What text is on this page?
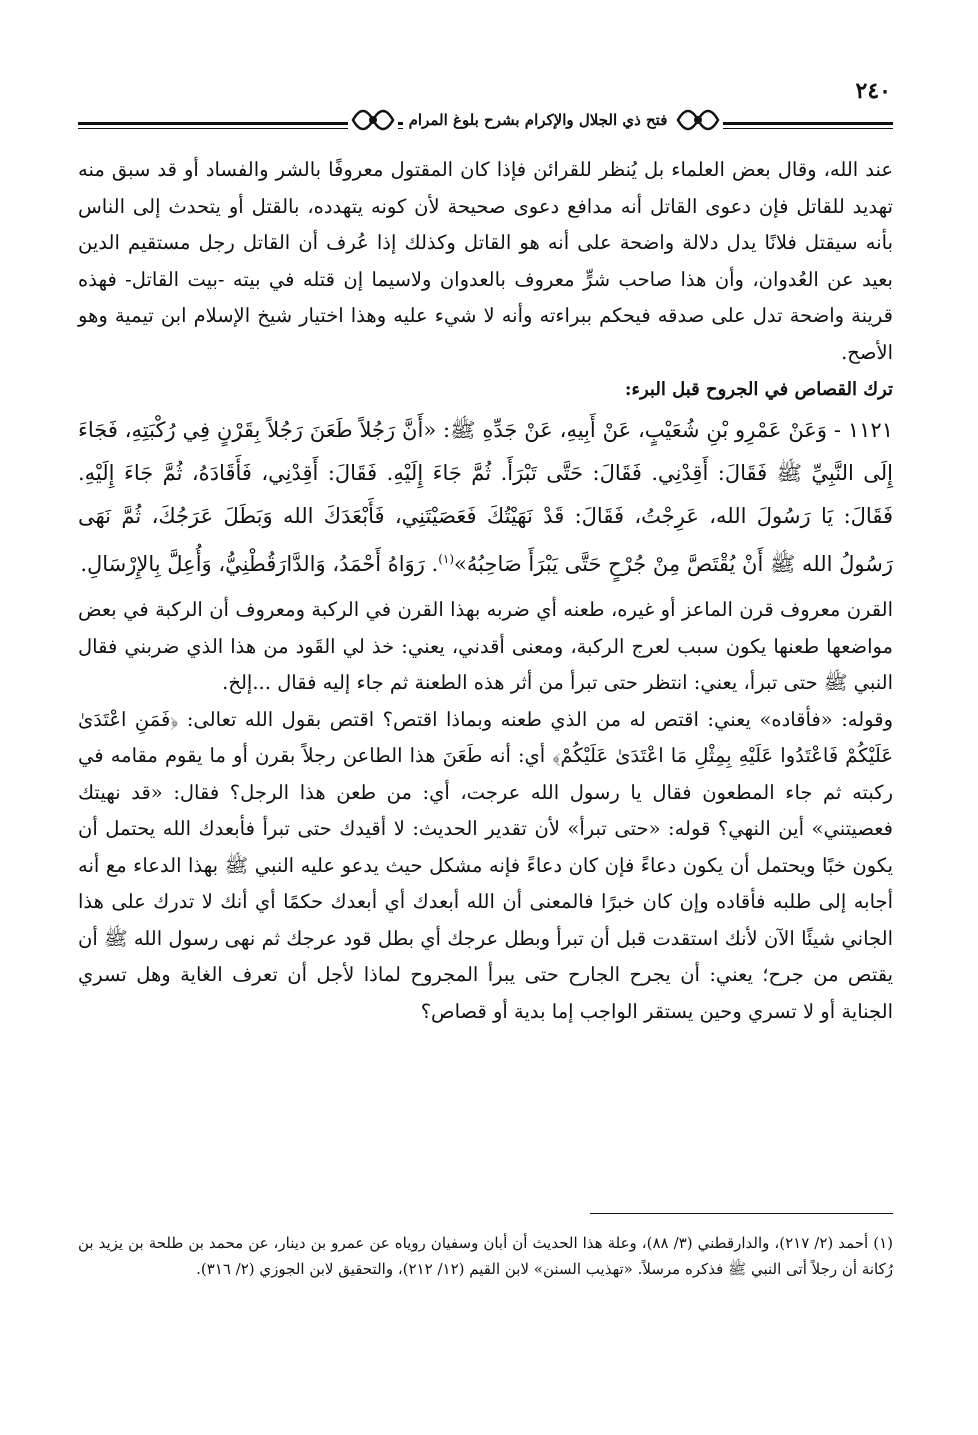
فتح ذي الجلال والإكرام بشرح بلوغ المرام
٢٤٠

عند الله، وقال بعض العلماء بل يُنظر للقرائن فإذا كان المقتول معروفًا بالشر والفساد أو قد سبق منه تهديد للقاتل فإن دعوى القاتل أنه مدافع دعوى صحيحة لأن كونه يتهدده، بالقتل أو يتحدث إلى الناس بأنه سيقتل فلانًا يدل دلالة واضحة على أنه هو القاتل وكذلك إذا عُرف أن القاتل رجل مستقيم الدين بعيد عن العُدوان، وأن هذا صاحب شرٍّ معروف بالعدوان ولاسيما إن قتله في بيته -بيت القاتل- فهذه قرينة واضحة تدل على صدقه فيحكم ببراءته وأنه لا شيء عليه وهذا اختيار شيخ الإسلام ابن تيمية وهو الأصح.

ترك القصاص في الجروح قبل البرء:

١١٢١ - وَعَنْ عَمْرِو بْنِ شُعَيْبٍ، عَنْ أَبِيهِ، عَنْ جَدِّهِ ﷺ: «أَنَّ رَجُلاً طَعَنَ رَجُلاً بِقَرْنٍ فِي رُكْبَتِهِ، فَجَاءَ إِلَى النَّبِيِّ ﷺ فَقَالَ: أَقِدْنِي. فَقَالَ: حَتَّى تَبْرَأَ. ثُمَّ جَاءَ إِلَيْهِ. فَقَالَ: أَقِدْنِي، فَأَقَادَهُ، ثُمَّ جَاءَ إِلَيْهِ. فَقَالَ: يَا رَسُولَ الله، عَرِجْتُ، فَقَالَ: قَدْ نَهَيْتُكَ فَعَصَيْتَنِي، فَأَبْعَدَكَ الله وَبَطَلَ عَرَجُكَ، ثُمَّ نَهَى رَسُولُ الله ﷺ أَنْ يُقْتَصَّ مِنْ جُرْحٍ حَتَّى يَبْرَأَ صَاحِبُهُ»$^{(١)}$. رَوَاهُ أَحْمَدُ، وَالدَّارَقُطْنِيُّ، وَأُعِلَّ بِالإِرْسَالِ.

القرن معروف قرن الماعز أو غيره، طعنه أي ضربه بهذا القرن في الركبة ومعروف أن الركبة في بعض مواضعها طعنها يكون سبب لعرج الركبة، ومعنى أقدني، يعني: خذ لي القَود من هذا الذي ضربني فقال النبي ﷺ حتى تبرأ، يعني: انتظر حتى تبرأ من أثر هذه الطعنة ثم جاء إليه فقال ...إلخ.

وقوله: «فأقاده» يعني: اقتص له من الذي طعنه وبماذا اقتص؟ اقتص بقول الله تعالى: ﴿فَمَنِ اعْتَدَىٰ عَلَيْكُمْ فَاعْتَدُوا عَلَيْهِ بِمِثْلِ مَا اعْتَدَىٰ عَلَيْكُمْ﴾ أي: أنه طَعَنَ هذا الطاعن رجلاً بقرن أو ما يقوم مقامه في ركبته ثم جاء المطعون فقال يا رسول الله عرجت، أي: من طعن هذا الرجل؟ فقال: «قد نهيتك فعصيتني» أين النهي؟ قوله: «حتى تبرأ» لأن تقدير الحديث: لا أقيدك حتى تبرأ فأبعدك الله يحتمل أن يكون خبًا ويحتمل أن يكون دعاءً فإن كان دعاءً فإنه مشكل حيث يدعو عليه النبي ﷺ بهذا الدعاء مع أنه أجابه إلى طلبه فأقاده وإن كان خبرًا فالمعنى أن الله أبعدك أي أبعدك حكمًا أي أنك لا تدرك على هذا الجاني شيئًا الآن لأنك استقدت قبل أن تبرأ وبطل عرجك أي بطل قود عرجك ثم نهى رسول الله ﷺ أن يقتص من جرح؛ يعني: أن يجرح الجارح حتى يبرأ المجروح لماذا لأجل أن تعرف الغاية وهل تسري الجناية أو لا تسري وحين يستقر الواجب إما بدية أو قصاص؟

(١) أحمد (٢/ ٢١٧)، والدارقطني (٣/ ٨٨)، وعلة هذا الحديث أن أبان وسفيان روياه عن عمرو بن دينار، عن محمد بن طلحة بن يزيد بن رُكانة أن رجلاً أتى النبي ﷺ فذكره مرسلاً. «تهذيب السنن» لابن القيم (١٢/ ٢١٢)، والتحقيق لابن الجوزي (٢/ ٣١٦).
